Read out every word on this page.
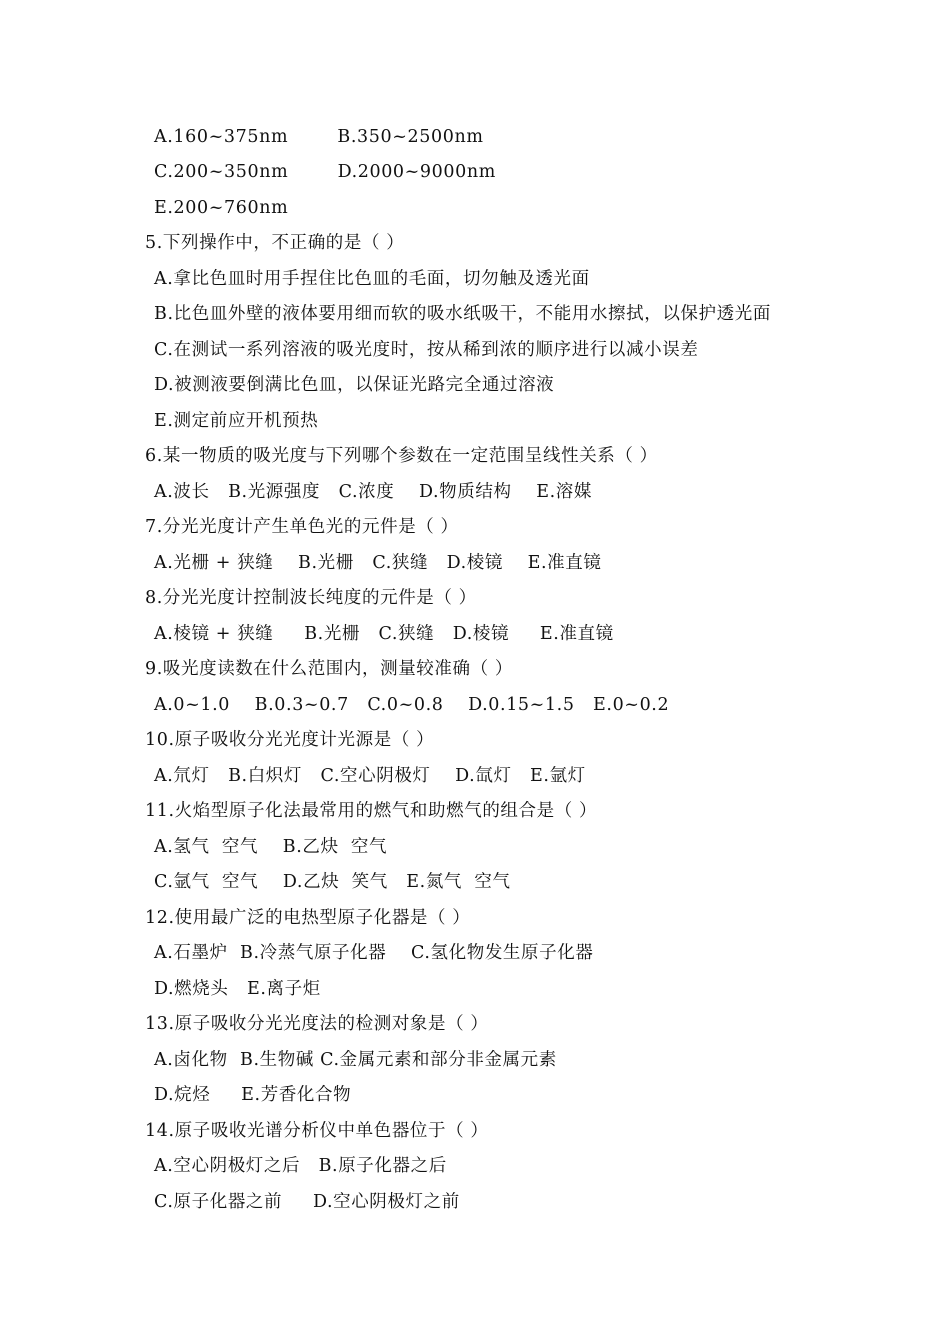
A.160~375nm        B.350~2500nm
C.200~350nm        D.2000~9000nm
E.200~760nm
5.下列操作中，不正确的是（ ）
A.拿比色皿时用手捏住比色皿的毛面，切勿触及透光面
B.比色皿外壁的液体要用细而软的吸水纸吸干，不能用水擦拭，以保护透光面
C.在测试一系列溶液的吸光度时，按从稀到浓的顺序进行以减小误差
D.被测液要倒满比色皿，以保证光路完全通过溶液
E.测定前应开机预热
6.某一物质的吸光度与下列哪个参数在一定范围呈线性关系（ ）
A.波长   B.光源强度   C.浓度    D.物质结构    E.溶媒
7.分光光度计产生单色光的元件是（ ）
A.光栅 + 狭缝    B.光栅   C.狭缝   D.棱镜    E.准直镜
8.分光光度计控制波长纯度的元件是（ ）
A.棱镜 + 狭缝     B.光栅   C.狭缝   D.棱镜     E.准直镜
9.吸光度读数在什么范围内，测量较准确（ ）
A.0~1.0    B.0.3~0.7   C.0~0.8    D.0.15~1.5   E.0~0.2
10.原子吸收分光光度计光源是（ ）
A.氘灯   B.白炽灯   C.空心阴极灯    D.氙灯   E.氩灯
11.火焰型原子化法最常用的燃气和助燃气的组合是（ ）
A.氢气  空气    B.乙炔  空气
C.氩气  空气    D.乙炔  笑气   E.氮气  空气
12.使用最广泛的电热型原子化器是（ ）
A.石墨炉  B.冷蒸气原子化器    C.氢化物发生原子化器
D.燃烧头   E.离子炬
13.原子吸收分光光度法的检测对象是（ ）
A.卤化物  B.生物碱 C.金属元素和部分非金属元素
D.烷烃     E.芳香化合物
14.原子吸收光谱分析仪中单色器位于（ ）
A.空心阴极灯之后   B.原子化器之后
C.原子化器之前     D.空心阴极灯之前
